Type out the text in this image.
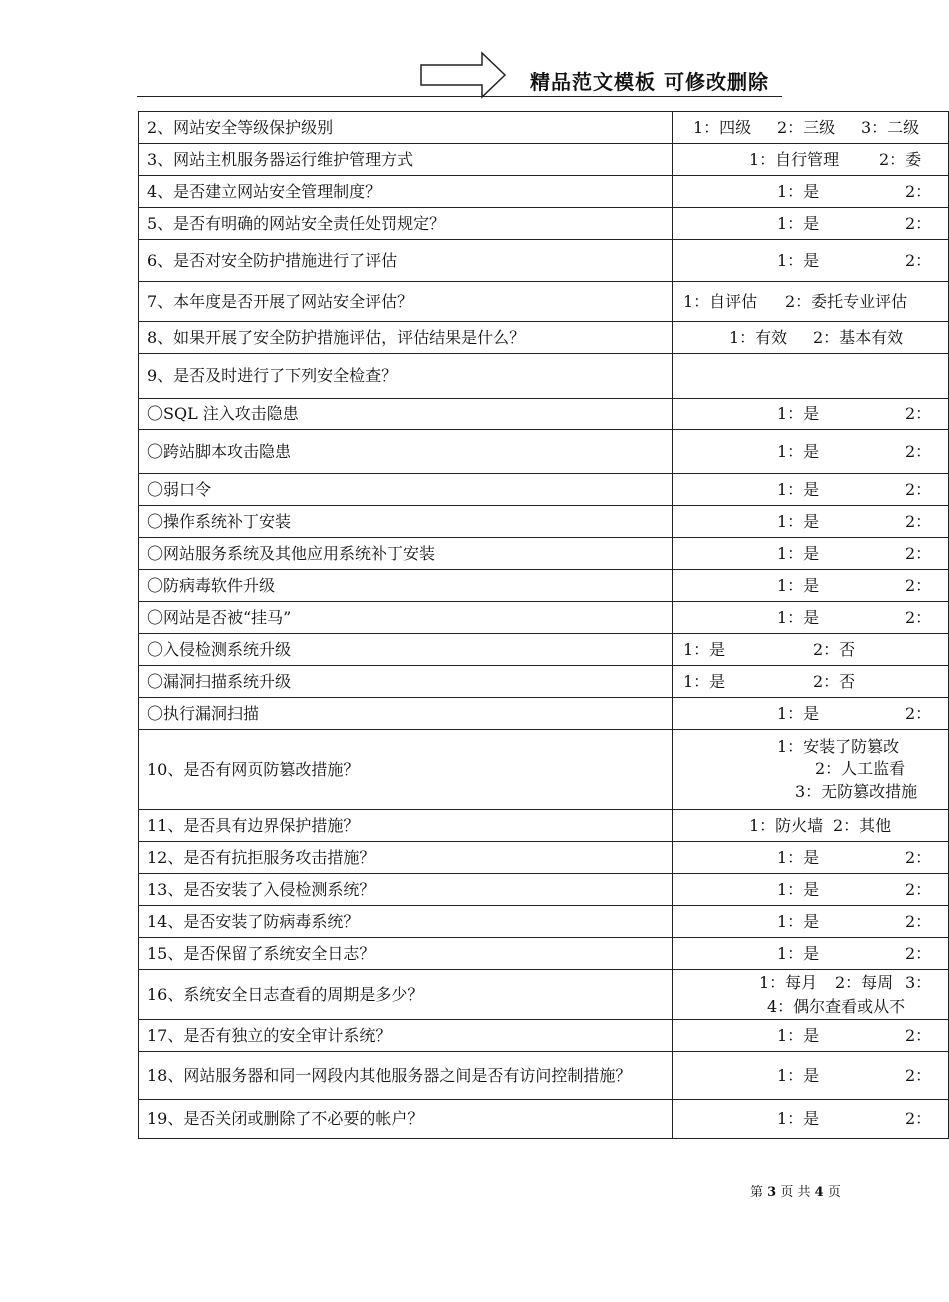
精品范文模板 可修改删除
2、网站安全等级保护级别	1：四级 2：三级 3：二级

3、网站主机服务器运行维护管理方式	1：自行管理 2：委

4、是否建立网站安全管理制度？	1：是 2：

5、是否有明确的网站安全责任处罚规定？	1：是 2：

6、是否对安全防护措施进行了评估	1：是 2：

7、本年度是否开展了网站安全评估？	1：自评估 2：委托专业评估

8、如果开展了安全防护措施评估，评估结果是什么？	1：有效 2：基本有效

9、是否及时进行了下列安全检查？	
〇SQL 注入攻击隐患	1：是 2：

〇跨站脚本攻击隐患	1：是 2：

〇弱口令	1：是 2：

〇操作系统补丁安装	1：是 2：

〇网站服务系统及其他应用系统补丁安装	1：是 2：

〇防病毒软件升级	1：是 2：

〇网站是否被“挂马”	1：是 2：

〇入侵检测系统升级	1：是 2：否

〇漏洞扫描系统升级	1：是 2：否

〇执行漏洞扫描	1：是 2：

10、是否有网页防篡改措施？	1：安装了防篡改
2：人工监看
3：无防篡改措施

11、是否具有边界保护措施？	1：防火墙 2：其他

12、是否有抗拒服务攻击措施？	1：是 2：

13、是否安装了入侵检测系统？	1：是 2：

14、是否安装了防病毒系统？	1：是 2：

15、是否保留了系统安全日志？	1：是 2：

16、系统安全日志查看的周期是多少？	1：每月 2：每周 3：
4：偶尔查看或从不

17、是否有独立的安全审计系统？	1：是 2：

18、网站服务器和同一网段内其他服务器之间是否有访问控制措施？	1：是 2：

19、是否关闭或删除了不必要的帐户？	1：是 2：
第 3 页 共 4 页
